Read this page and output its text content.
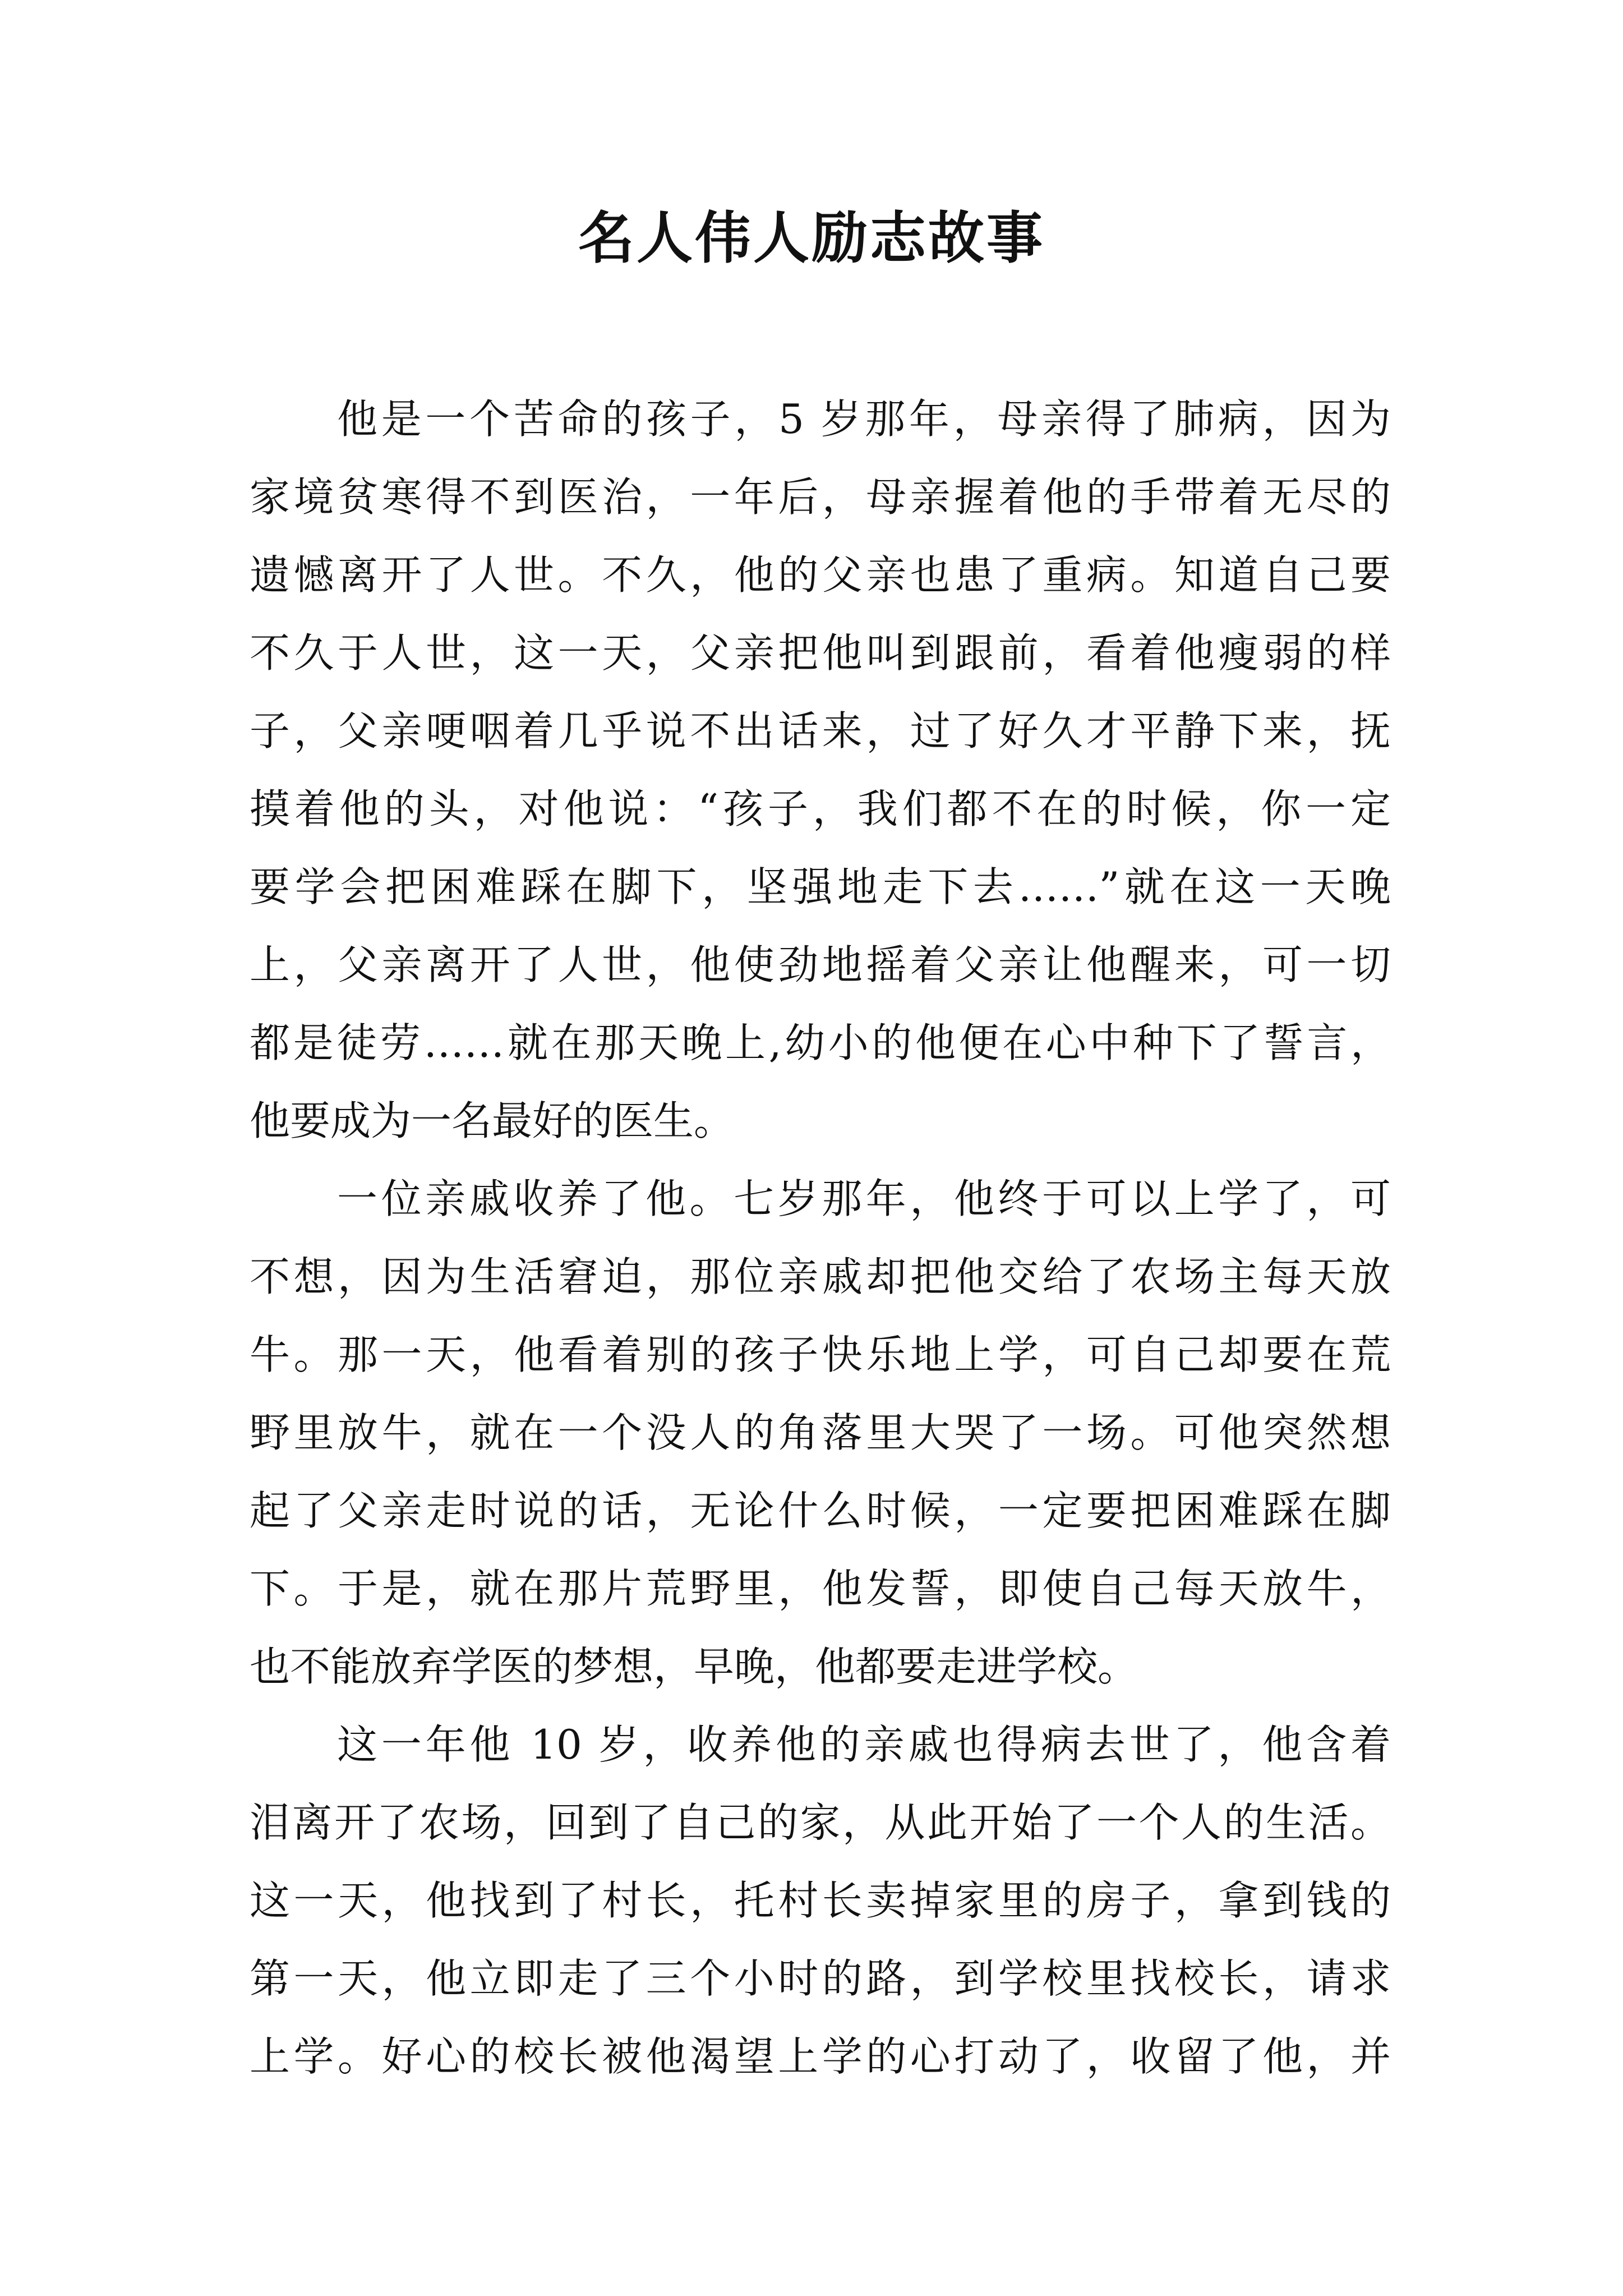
名人伟人励志故事

他是一个苦命的孩子，5 岁那年，母亲得了肺病，因为
家境贫寒得不到医治，一年后，母亲握着他的手带着无尽的
遗憾离开了人世。不久，他的父亲也患了重病。知道自己要
不久于人世，这一天，父亲把他叫到跟前，看着他瘦弱的样
子，父亲哽咽着几乎说不出话来，过了好久才平静下来，抚
摸着他的头，对他说：“孩子，我们都不在的时候，你一定
要学会把困难踩在脚下，坚强地走下去……”就在这一天晚
上，父亲离开了人世，他使劲地摇着父亲让他醒来，可一切
都是徒劳……就在那天晚上,幼小的他便在心中种下了誓言，
他要成为一名最好的医生。

一位亲戚收养了他。七岁那年，他终于可以上学了，可
不想，因为生活窘迫，那位亲戚却把他交给了农场主每天放
牛。那一天，他看着别的孩子快乐地上学，可自己却要在荒
野里放牛，就在一个没人的角落里大哭了一场。可他突然想
起了父亲走时说的话，无论什么时候，一定要把困难踩在脚
下。于是，就在那片荒野里，他发誓，即使自己每天放牛，
也不能放弃学医的梦想，早晚，他都要走进学校。

这一年他 10 岁，收养他的亲戚也得病去世了，他含着
泪离开了农场，回到了自己的家，从此开始了一个人的生活。
这一天，他找到了村长，托村长卖掉家里的房子，拿到钱的
第一天，他立即走了三个小时的路，到学校里找校长，请求
上学。好心的校长被他渴望上学的心打动了，收留了他，并
